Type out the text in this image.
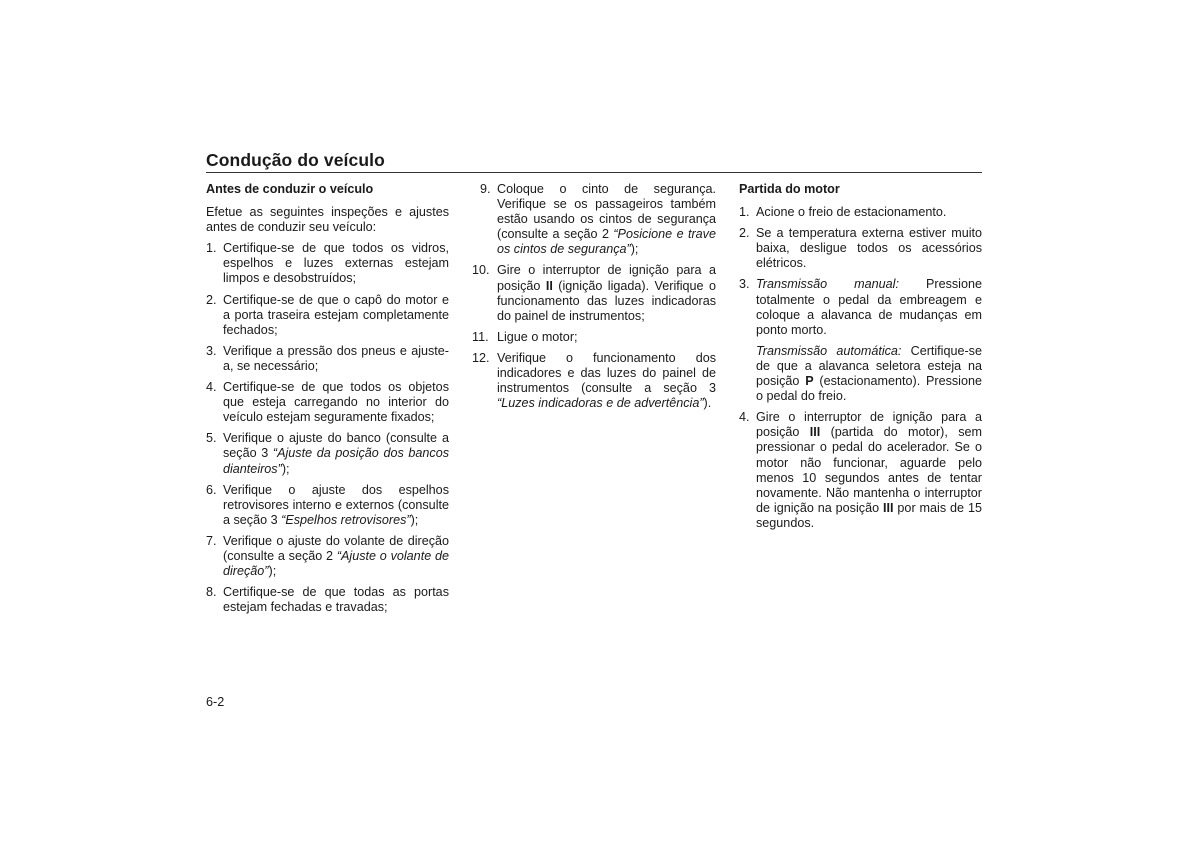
Condução do veículo
Antes de conduzir o veículo

Efetue as seguintes inspeções e ajustes antes de conduzir seu veículo:

1. Certifique-se de que todos os vidros, espelhos e luzes externas estejam limpos e desobstruídos;
2. Certifique-se de que o capô do motor e a porta traseira estejam completamente fechados;
3. Verifique a pressão dos pneus e ajuste-a, se necessário;
4. Certifique-se de que todos os objetos que esteja carregando no interior do veículo estejam seguramente fixados;
5. Verifique o ajuste do banco (consulte a seção 3 “Ajuste da posição dos bancos dianteiros”);
6. Verifique o ajuste dos espelhos retrovisores interno e externos (consulte a seção 3 “Espelhos retrovisores”);
7. Verifique o ajuste do volante de direção (consulte a seção 2 “Ajuste o volante de direção”);
8. Certifique-se de que todas as portas estejam fechadas e travadas;
9. Coloque o cinto de segurança. Verifique se os passageiros também estão usando os cintos de segurança (consulte a seção 2 “Posicione e trave os cintos de segurança”);
10. Gire o interruptor de ignição para a posição II (ignição ligada). Verifique o funcionamento das luzes indicadoras do painel de instrumentos;
11. Ligue o motor;
12. Verifique o funcionamento dos indicadores e das luzes do painel de instrumentos (consulte a seção 3 “Luzes indicadoras e de advertência”).
Partida do motor
1. Acione o freio de estacionamento.
2. Se a temperatura externa estiver muito baixa, desligue todos os acessórios elétricos.
3. Transmissão manual: Pressione totalmente o pedal da embreagem e coloque a alavanca de mudanças em ponto morto.
Transmissão automática: Certifique-se de que a alavanca seletora esteja na posição P (estacionamento). Pressione o pedal do freio.
4. Gire o interruptor de ignição para a posição III (partida do motor), sem pressionar o pedal do acelerador. Se o motor não funcionar, aguarde pelo menos 10 segundos antes de tentar novamente. Não mantenha o interruptor de ignição na posição III por mais de 15 segundos.
6-2
